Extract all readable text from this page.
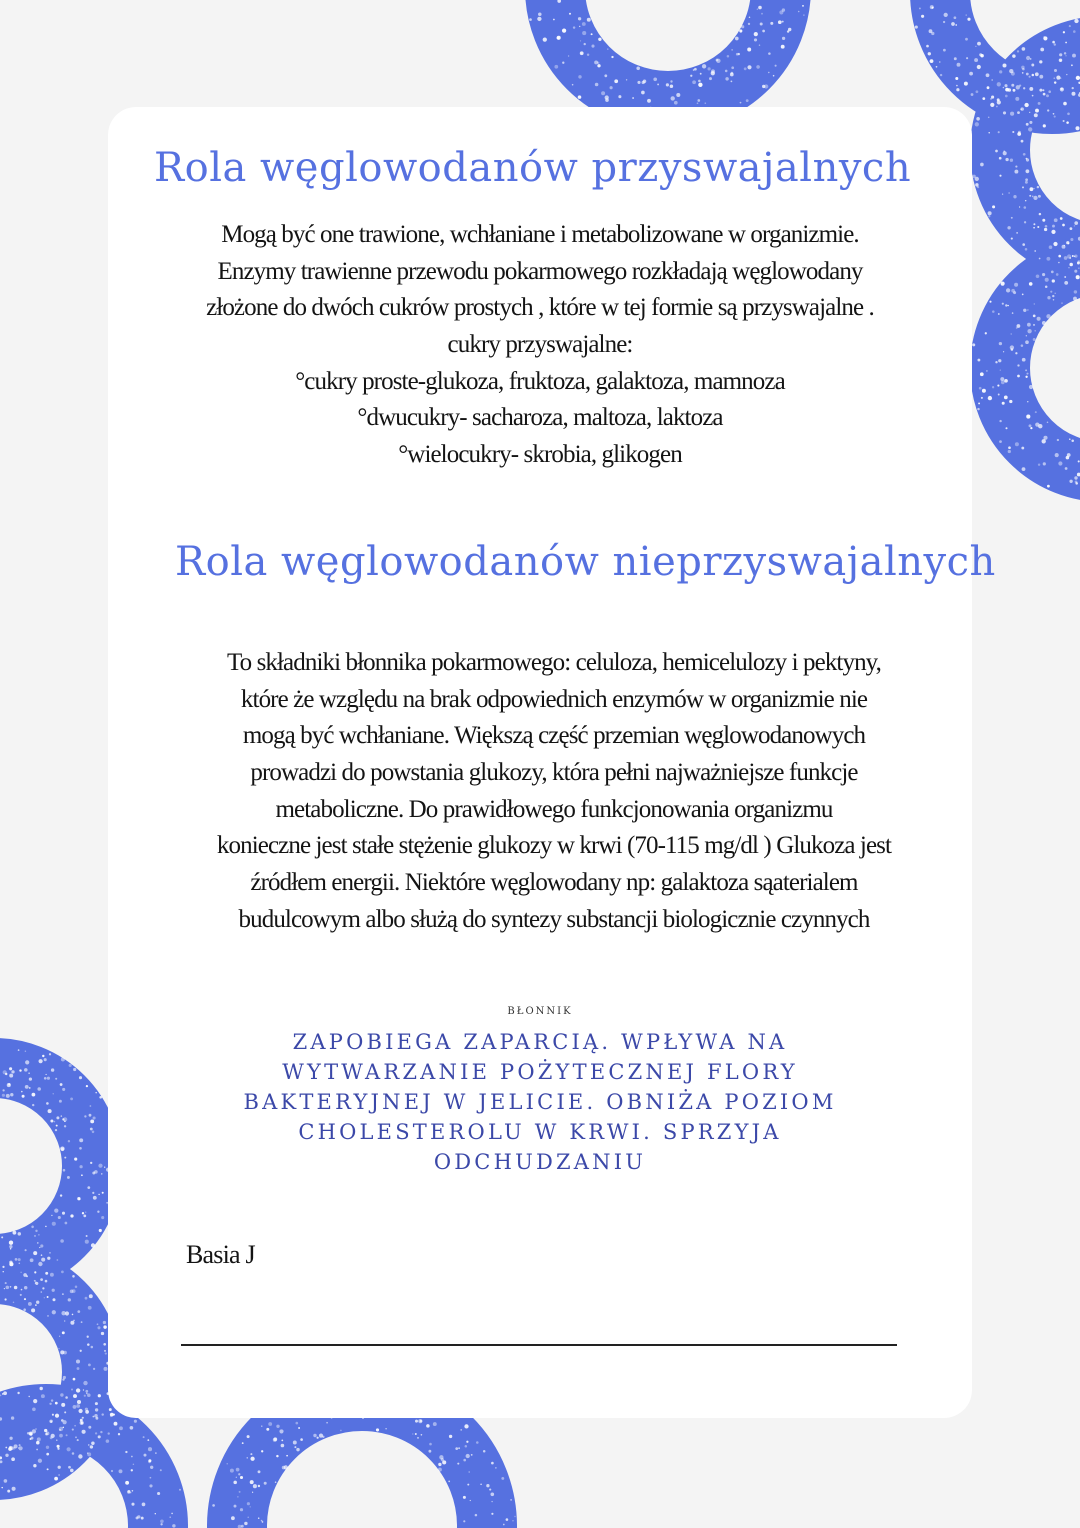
Rola węglowodanów przyswajalnych
Mogą być one trawione, wchłaniane i metabolizowane w organizmie.
Enzymy trawienne przewodu pokarmowego rozkładają węglowodany
złożone do dwóch cukrów prostych , które w tej formie są przyswajalne .
cukry przyswajalne:
°cukry proste-glukoza, fruktoza, galaktoza, mamnoza
°dwucukry- sacharoza, maltoza, laktoza
°wielocukry- skrobia, glikogen
Rola węglowodanów nieprzyswajalnych
To składniki błonnika pokarmowego: celuloza, hemicelulozy i pektyny,
które że względu na brak odpowiednich enzymów w organizmie nie
mogą być wchłaniane. Większą część przemian węglowodanowych
prowadzi do powstania glukozy, która pełni najważniejsze funkcje
metaboliczne. Do prawidłowego funkcjonowania organizmu
konieczne jest stałe stężenie glukozy w krwi (70-115 mg/dl ) Glukoza jest
źródłem energii. Niektóre węglowodany np: galaktoza sąaterialem
budulcowym albo służą do syntezy substancji biologicznie czynnych
BŁONNIK
ZAPOBIEGA ZAPARCIĄ. WPŁYWA NA
WYTWARZANIE POŻYTECZNEJ FLORY
BAKTERYJNEJ W JELICIE. OBNIŻA POZIOM
CHOLESTEROLU W KRWI. SPRZYJA
ODCHUDZANIU
Basia J
